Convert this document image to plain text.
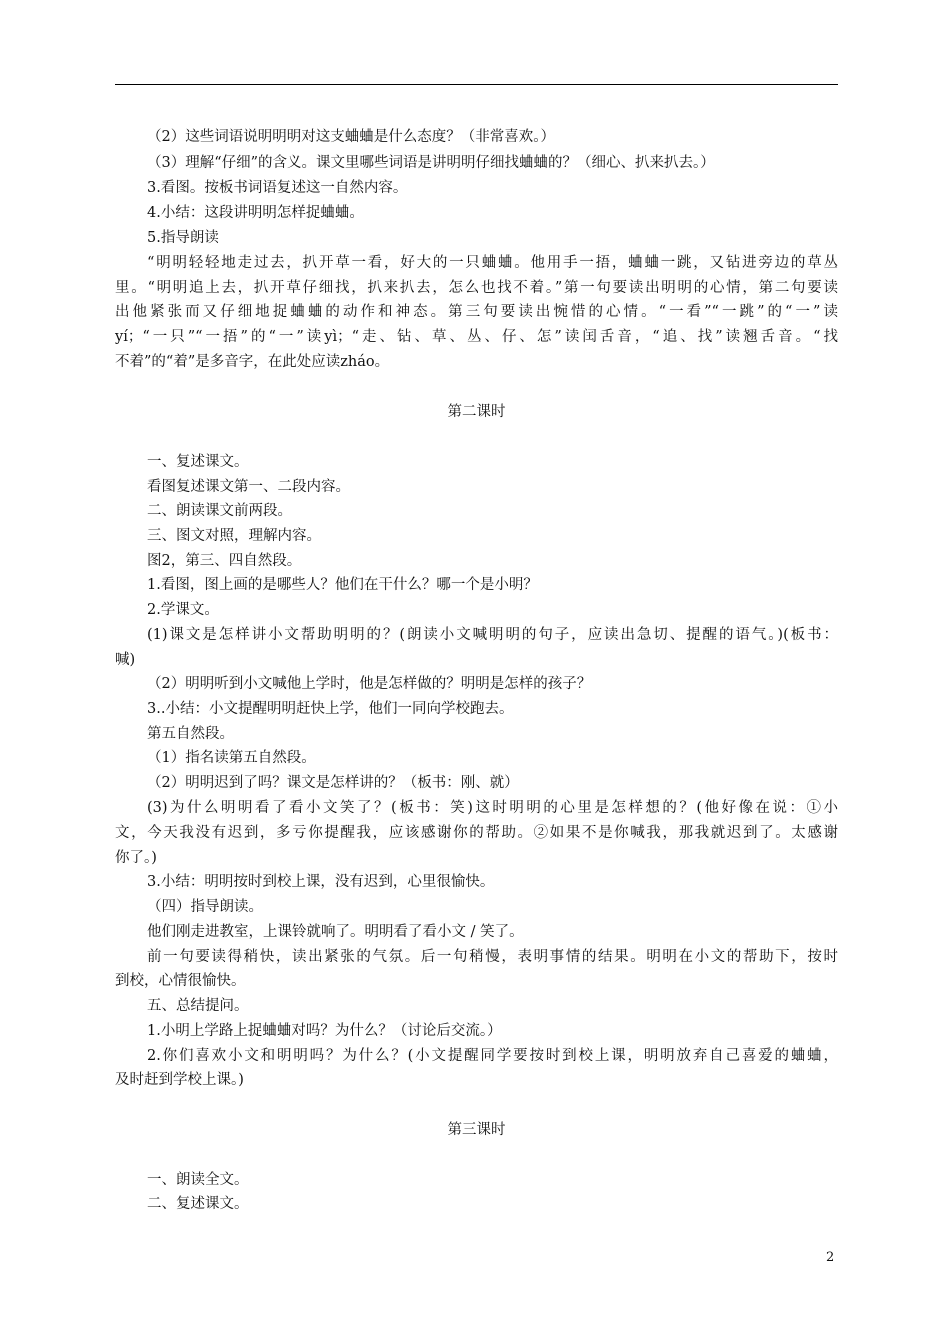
（2）这些词语说明明明对这支蛐蛐是什么态度？（非常喜欢。）
（3）理解“仔细”的含义。课文里哪些词语是讲明明仔细找蛐蛐的？（细心、扒来扒去。）
3.看图。按板书词语复述这一自然内容。
4.小结：这段讲明明怎样捉蛐蛐。
5.指导朗读
“明明轻轻地走过去，扒开草一看，好大的一只蛐蛐。他用手一捂，蛐蛐一跳，又钻进旁边的草丛
里。“明明追上去，扒开草仔细找，扒来扒去，怎么也找不着。”第一句要读出明明的心情，第二句要读
出他紧张而又仔细地捉蛐蛐的动作和神态。第三句要读出惋惜的心情。“一看”“一跳”的“一”读
yí；“一只”“一捂”的“一”读yì；“走、钻、草、丛、仔、怎”读闰舌音，“追、找”读翘舌音。“找
不着”的“着”是多音字，在此处应读zháo。
第二课时
一、复述课文。
看图复述课文第一、二段内容。
二、朗读课文前两段。
三、图文对照，理解内容。
图2，第三、四自然段。
1.看图，图上画的是哪些人？他们在干什么？哪一个是小明？
2.学课文。
(1)课文是怎样讲小文帮助明明的？(朗读小文喊明明的句子，应读出急切、提醒的语气。)(板书：
喊)
（2）明明听到小文喊他上学时，他是怎样做的？明明是怎样的孩子？
3..小结：小文提醒明明赶快上学，他们一同向学校跑去。
第五自然段。
（1）指名读第五自然段。
（2）明明迟到了吗？课文是怎样讲的？（板书：刚、就）
(3)为什么明明看了看小文笑了？(板书：笑)这时明明的心里是怎样想的？(他好像在说：①小
文，今天我没有迟到，多亏你提醒我，应该感谢你的帮助。②如果不是你喊我，那我就迟到了。太感谢
你了。)
3.小结：明明按时到校上课，没有迟到，心里很愉快。
（四）指导朗读。
他们刚走进教室，上课铃就响了。明明看了看小文 / 笑了。
前一句要读得稍快，读出紧张的气氛。后一句稍慢，表明事情的结果。明明在小文的帮助下，按时
到校，心情很愉快。
五、总结提问。
1.小明上学路上捉蛐蛐对吗？为什么？（讨论后交流。）
2.你们喜欢小文和明明吗？为什么？(小文提醒同学要按时到校上课，明明放弃自己喜爱的蛐蛐，
及时赶到学校上课。)
第三课时
一、朗读全文。
二、复述课文。
2
